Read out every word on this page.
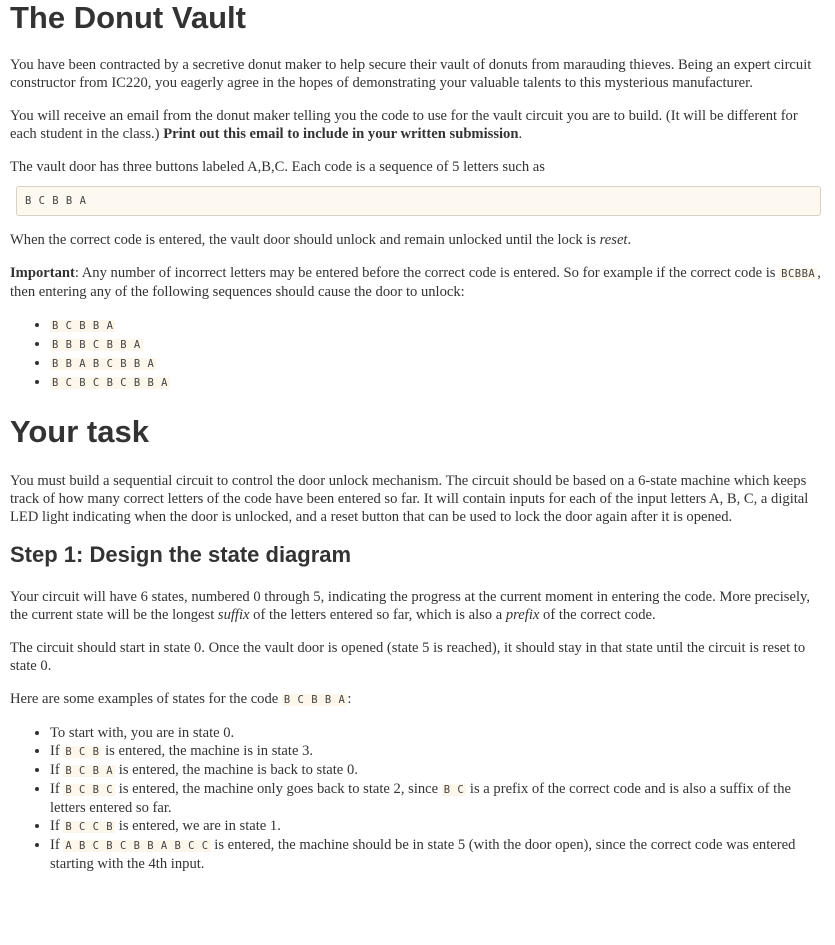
The Donut Vault

You have been contracted by a secretive donut maker to help secure their vault of donuts from marauding thieves. Being an expert circuit constructor from IC220, you eagerly agree in the hopes of demonstrating your valuable talents to this mysterious manufacturer.

You will receive an email from the donut maker telling you the code to use for the vault circuit you are to build. (It will be different for each student in the class.) Print out this email to include in your written submission.

The vault door has three buttons labeled A,B,C. Each code is a sequence of 5 letters such as

B C B B A

When the correct code is entered, the vault door should unlock and remain unlocked until the lock is reset.

Important: Any number of incorrect letters may be entered before the correct code is entered. So for example if the correct code is BCBBA , then entering any of the following sequences should cause the door to unlock:

• B C B B A
• B B B C B B A
• B B A B C B B A
• B C B C B C B B A
Your task

You must build a sequential circuit to control the door unlock mechanism. The circuit should be based on a 6-state machine which keeps track of how many correct letters of the code have been entered so far. It will contain inputs for each of the input letters A, B, C, a digital LED light indicating when the door is unlocked, and a reset button that can be used to lock the door again after it is opened.

Step 1: Design the state diagram

Your circuit will have 6 states, numbered 0 through 5, indicating the progress at the current moment in entering the code. More precisely, the current state will be the longest suffix of the letters entered so far, which is also a prefix of the correct code.

The circuit should start in state 0. Once the vault door is opened (state 5 is reached), it should stay in that state until the circuit is reset to state 0.

Here are some examples of states for the code B C B B A :

• To start with, you are in state 0.
• If B C B is entered, the machine is in state 3.
• If B C B A is entered, the machine is back to state 0.
• If B C B C is entered, the machine only goes back to state 2, since B C is a prefix of the correct code and is also a suffix of the letters entered so far.
• If B C C B is entered, we are in state 1.
• If A B C B C B B A B C C is entered, the machine should be in state 5 (with the door open), since the correct code was entered starting with the 4th input.
